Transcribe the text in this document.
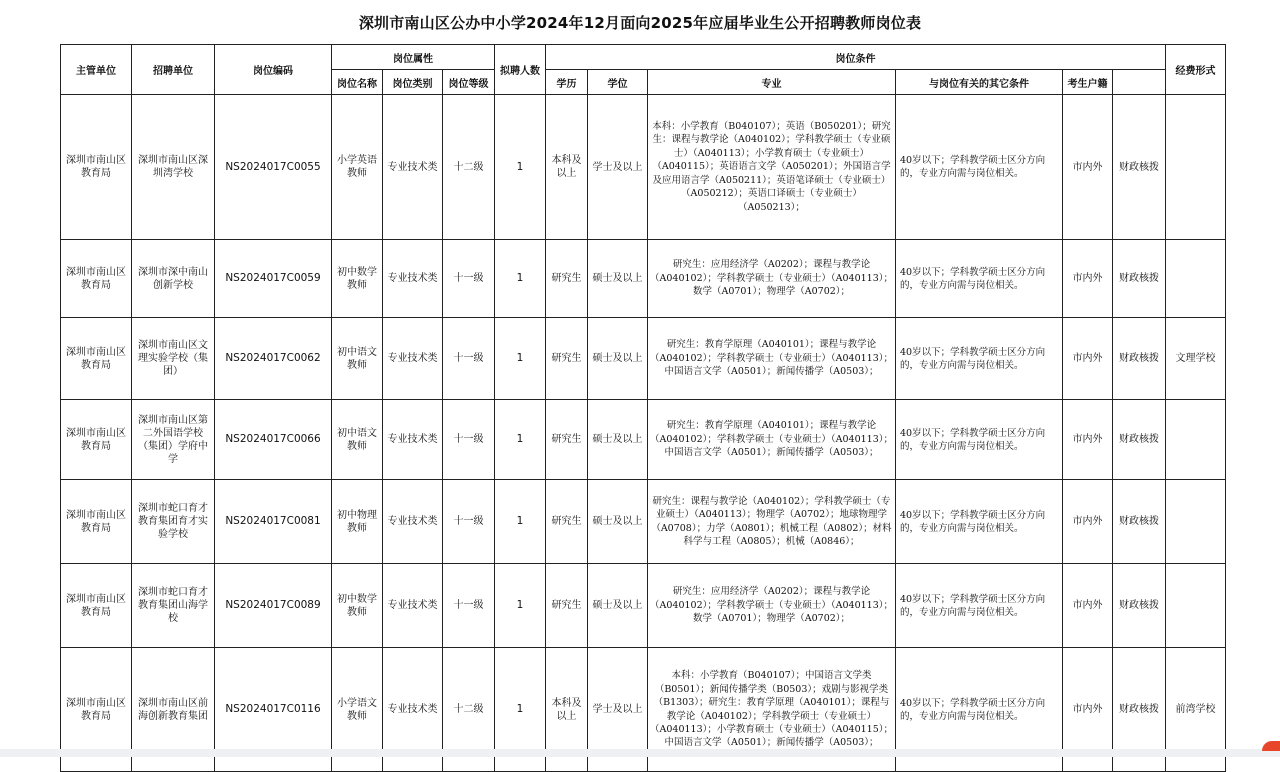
深圳市南山区公办中小学2024年12月面向2025年应届毕业生公开招聘教师岗位表
主管单位	招聘单位	岗位编码	岗位属性			拟聘人数	岗位条件						经费形式	
			岗位名称	岗位类别	岗位等级		学历	学位	专业	与岗位有关的其它条件	考生户籍			
深圳市南山区教育局	深圳市南山区深圳湾学校	NS2024017C0055	小学英语教师	专业技术类	十二级	1	本科及以上	学士及以上	本科：小学教育（B040107）；英语（B050201）；研究生：课程与教学论（A040102）；学科教学硕士（专业硕士）（A040113）；小学教育硕士（专业硕士）（A040115）；英语语言文学（A050201）；外国语言学及应用语言学（A050211）；英语笔译硕士（专业硕士）（A050212）；英语口译硕士（专业硕士）（A050213）；	40岁以下；学科教学硕士区分方向的，专业方向需与岗位相关。	市内外	财政核拨		
深圳市南山区教育局	深圳市深中南山创新学校	NS2024017C0059	初中数学教师	专业技术类	十一级	1	研究生	硕士及以上	研究生：应用经济学（A0202）；课程与教学论（A040102）；学科教学硕士（专业硕士）（A040113）；数学（A0701）；物理学（A0702）；	40岁以下；学科教学硕士区分方向的，专业方向需与岗位相关。	市内外	财政核拨		
深圳市南山区教育局	深圳市南山区文理实验学校（集团）	NS2024017C0062	初中语文教师	专业技术类	十一级	1	研究生	硕士及以上	研究生：教育学原理（A040101）；课程与教学论（A040102）；学科教学硕士（专业硕士）（A040113）；中国语言文学（A0501）；新闻传播学（A0503）；	40岁以下；学科教学硕士区分方向的，专业方向需与岗位相关。	市内外	财政核拨	文理学校	
深圳市南山区教育局	深圳市南山区第二外国语学校（集团）学府中学	NS2024017C0066	初中语文教师	专业技术类	十一级	1	研究生	硕士及以上	研究生：教育学原理（A040101）；课程与教学论（A040102）；学科教学硕士（专业硕士）（A040113）；中国语言文学（A0501）；新闻传播学（A0503）；	40岁以下；学科教学硕士区分方向的，专业方向需与岗位相关。	市内外	财政核拨		
深圳市南山区教育局	深圳市蛇口育才教育集团育才实验学校	NS2024017C0081	初中物理教师	专业技术类	十一级	1	研究生	硕士及以上	研究生：课程与教学论（A040102）；学科教学硕士（专业硕士）（A040113）；物理学（A0702）；地球物理学（A0708）；力学（A0801）；机械工程（A0802）；材料科学与工程（A0805）；机械（A0846）；	40岁以下；学科教学硕士区分方向的，专业方向需与岗位相关。	市内外	财政核拨		
深圳市南山区教育局	深圳市蛇口育才教育集团山海学校	NS2024017C0089	初中数学教师	专业技术类	十一级	1	研究生	硕士及以上	研究生：应用经济学（A0202）；课程与教学论（A040102）；学科教学硕士（专业硕士）（A040113）；数学（A0701）；物理学（A0702）；	40岁以下；学科教学硕士区分方向的，专业方向需与岗位相关。	市内外	财政核拨		
深圳市南山区教育局	深圳市南山区前海创新教育集团	NS2024017C0116	小学语文教师	专业技术类	十二级	1	本科及以上	学士及以上	本科：小学教育（B040107）；中国语言文学类（B0501）；新闻传播学类（B0503）；戏剧与影视学类（B1303）；研究生：教育学原理（A040101）；课程与教学论（A040102）；学科教学硕士（专业硕士）（A040113）；小学教育硕士（专业硕士）（A040115）；中国语言文学（A0501）；新闻传播学（A0503）；	40岁以下；学科教学硕士区分方向的，专业方向需与岗位相关。	市内外	财政核拨	前湾学校	
